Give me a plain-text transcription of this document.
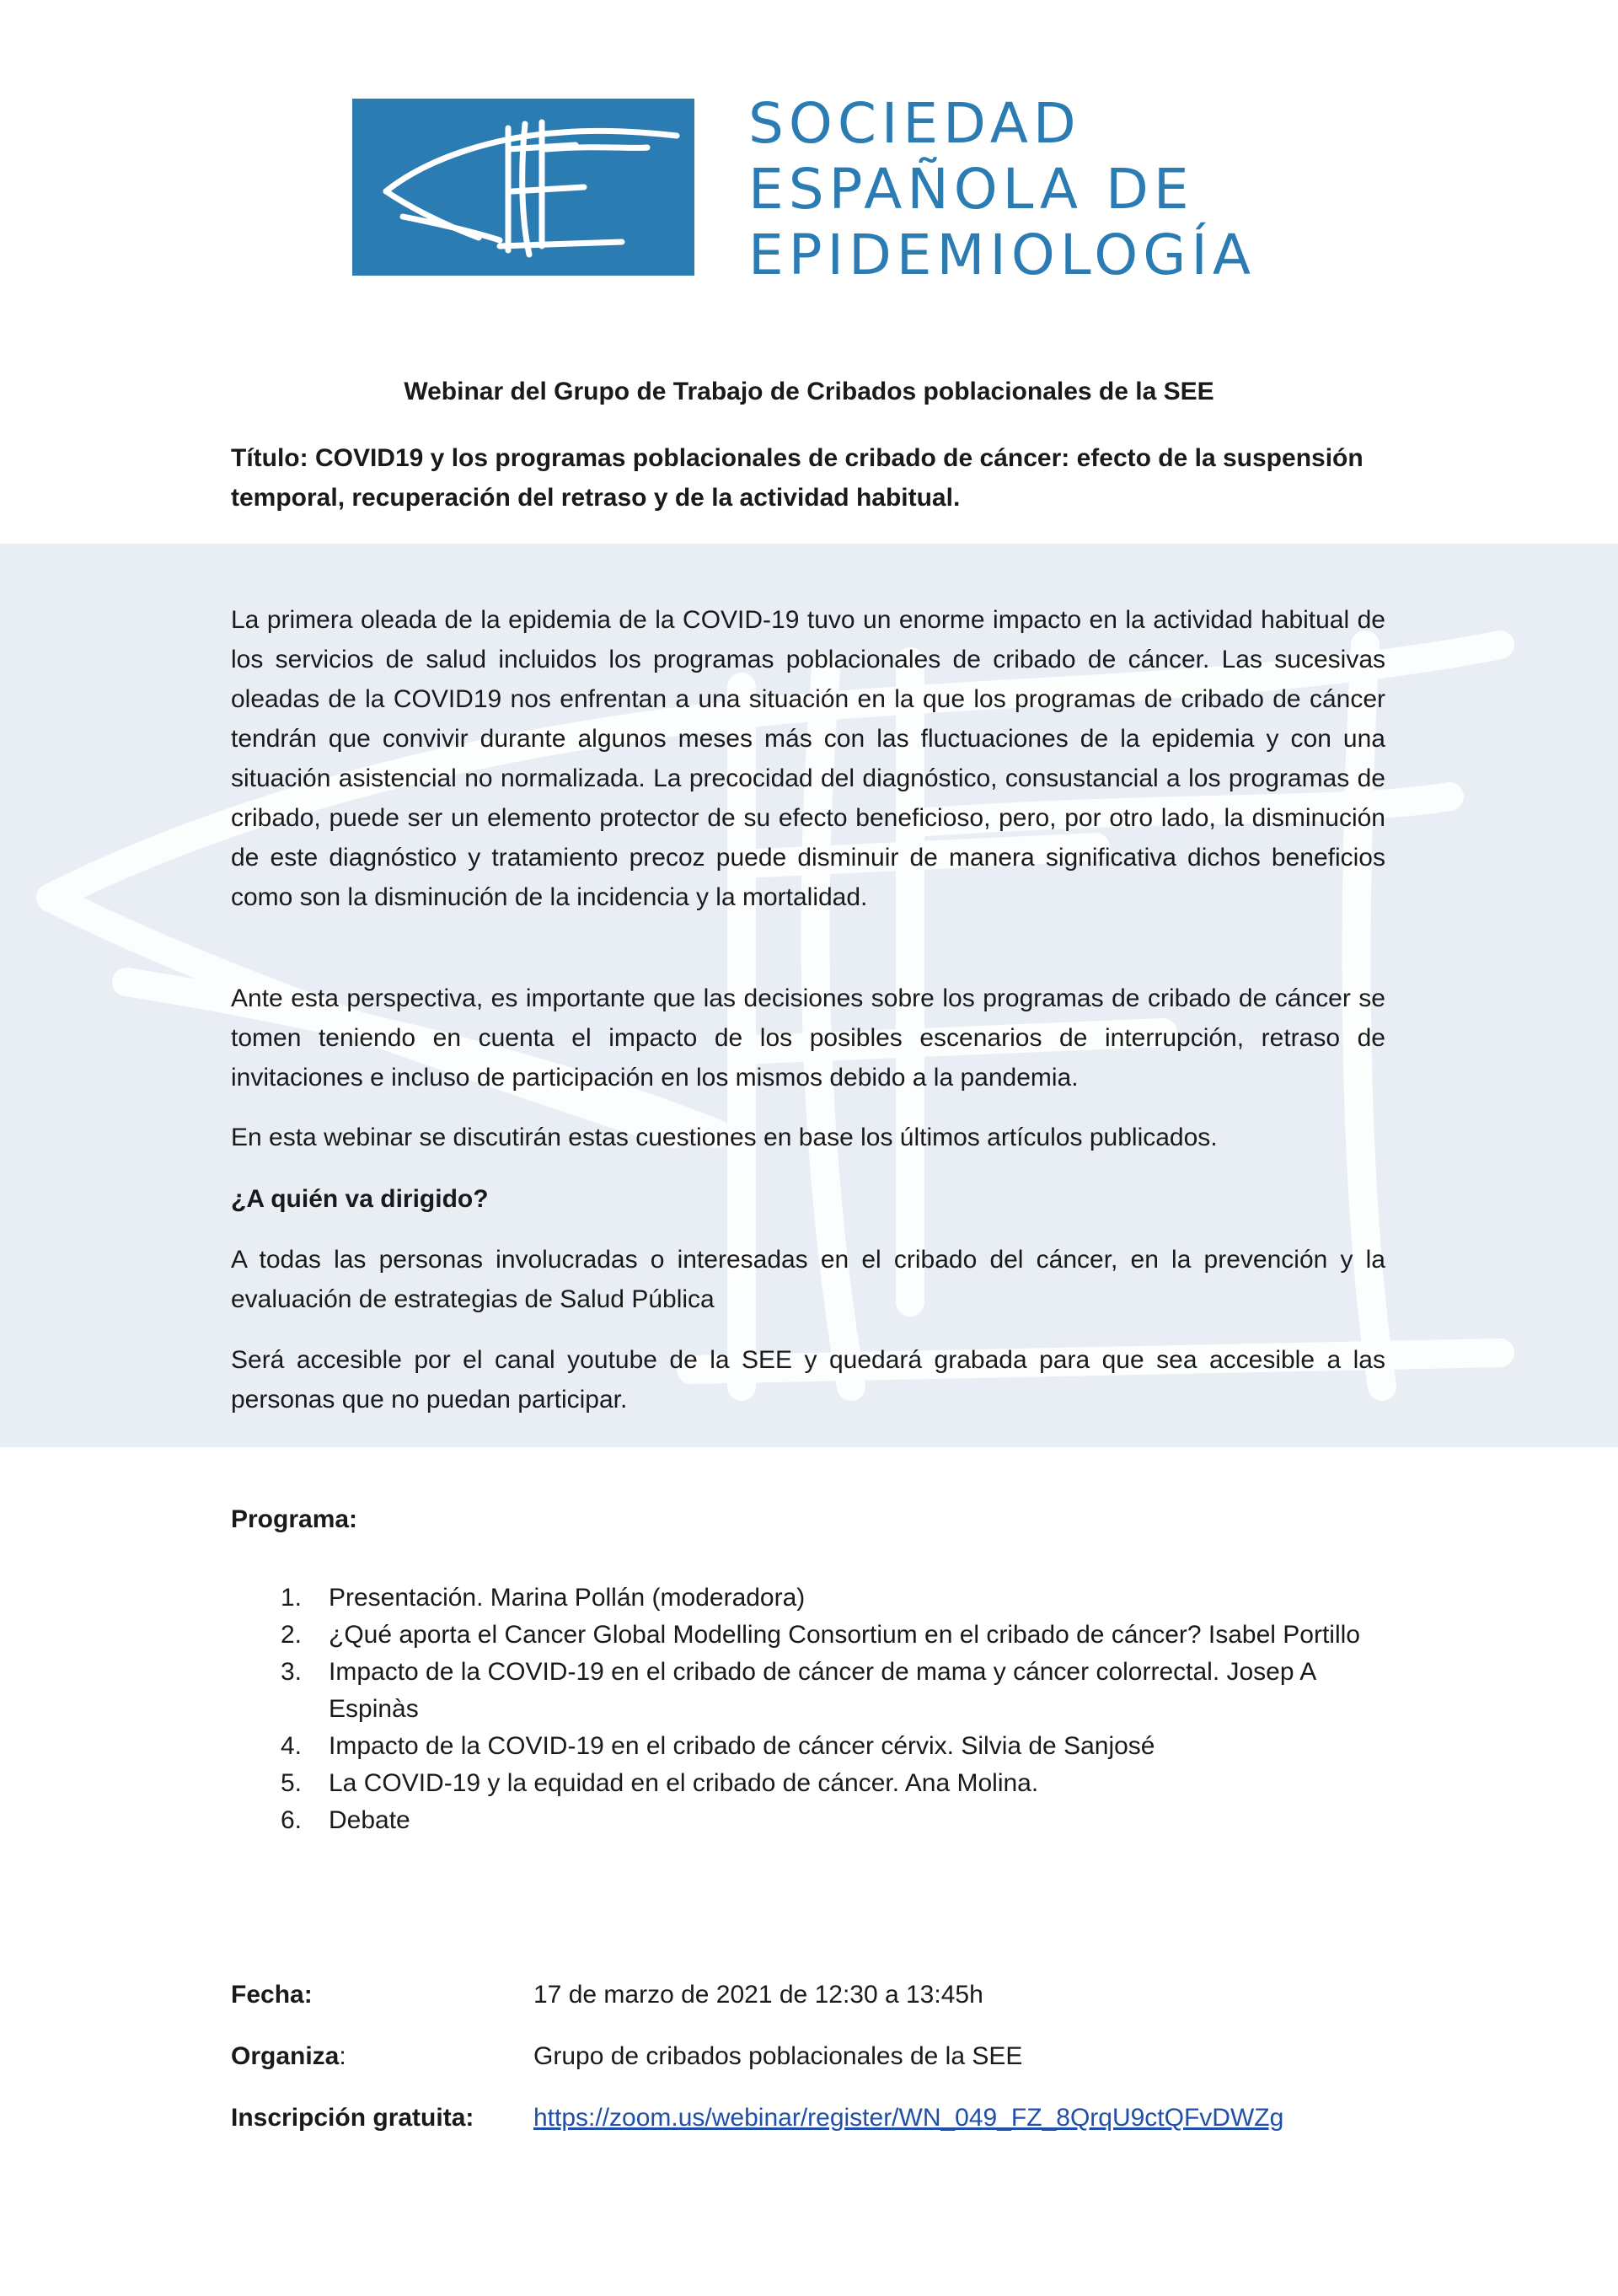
SOCIEDAD
ESPAÑOLA DE
EPIDEMIOLOGÍA
Webinar del Grupo de Trabajo de Cribados poblacionales de la SEE
Título: COVID19 y los programas poblacionales de cribado de cáncer: efecto de la suspensión temporal, recuperación del retraso y de la actividad habitual.
La primera oleada de la epidemia de la COVID-19 tuvo un enorme impacto en la actividad habitual de los servicios de salud incluidos los programas poblacionales de cribado de cáncer. Las sucesivas oleadas de la COVID19 nos enfrentan a una situación en la que los programas de cribado de cáncer tendrán que convivir durante algunos meses más con las fluctuaciones de la epidemia y con una situación asistencial no normalizada. La precocidad del diagnóstico, consustancial a los programas de cribado, puede ser un elemento protector de su efecto beneficioso, pero, por otro lado, la disminución de este diagnóstico y tratamiento precoz puede disminuir de manera significativa dichos beneficios como son la disminución de la incidencia y la mortalidad.
Ante esta perspectiva, es importante que las decisiones sobre los programas de cribado de cáncer se tomen teniendo en cuenta el impacto de los posibles escenarios de interrupción, retraso de invitaciones e incluso de participación en los mismos debido a la pandemia.
En esta webinar se discutirán estas cuestiones en base los últimos artículos publicados.
¿A quién va dirigido?
A todas las personas involucradas o interesadas en el cribado del cáncer, en la prevención y la evaluación de estrategias de Salud Pública
Será accesible por el canal youtube de la SEE y quedará grabada para que sea accesible a las personas que no puedan participar.
Programa:
1.	Presentación. Marina Pollán (moderadora)
2.	¿Qué aporta el Cancer Global Modelling Consortium en el cribado de cáncer? Isabel Portillo
3.	Impacto de la COVID-19 en el cribado de cáncer de mama y cáncer colorrectal. Josep A Espinàs
4.	Impacto de la COVID-19 en el cribado de cáncer cérvix. Silvia de Sanjosé
5.	La COVID-19 y la equidad en el cribado de cáncer. Ana Molina.
6.	Debate
Fecha:	17 de marzo de 2021 de 12:30 a 13:45h
Organiza:	Grupo de cribados poblacionales de la SEE
Inscripción gratuita:	https://zoom.us/webinar/register/WN_049_FZ_8QrqU9ctQFvDWZg
